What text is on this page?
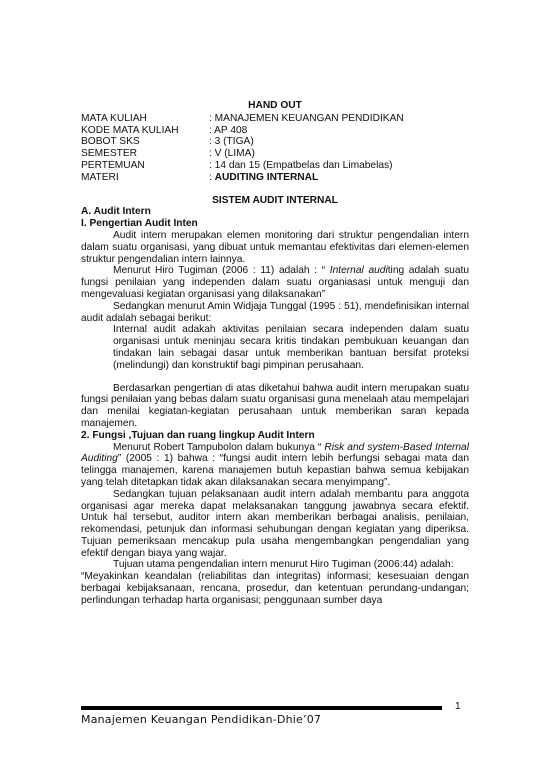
HAND OUT
MATA KULIAH	: MANAJEMEN KEUANGAN PENDIDIKAN
KODE MATA KULIAH	: AP 408
BOBOT SKS	: 3 (TIGA)
SEMESTER	: V (LIMA)
PERTEMUAN	: 14 dan 15 (Empatbelas dan Limabelas)
MATERI	: AUDITING INTERNAL
SISTEM AUDIT INTERNAL
A. Audit Intern
I. Pengertian Audit Inten

Audit intern merupakan elemen monitoring dari struktur pengendalian intern dalam suatu organisasi, yang dibuat untuk memantau efektivitas dari elemen-elemen struktur pengendalian intern lainnya.

Menurut Hiro Tugiman (2006 : 11) adalah : “ Internal auditing adalah suatu fungsi penilaian yang independen dalam suatu organiasasi untuk menguji dan mengevaluasi kegiatan organisasi yang dilaksanakan”

Sedangkan menurut Amin Widjaja Tunggal (1995 : 51), mendefinisikan internal audit adalah sebagai berikut:

Internal audit adakah aktivitas penilaian secara independen dalam suatu organisasi untuk meninjau secara kritis tindakan pembukuan keuangan dan tindakan lain sebagai dasar untuk memberikan bantuan bersifat proteksi (melindungi) dan konstruktif bagi pimpinan perusahaan.

Berdasarkan pengertian di atas diketahui bahwa audit intern merupakan suatu fungsi penilaian yang bebas dalam suatu organisasi guna menelaah atau mempelajari dan menilai kegiatan-kegiatan perusahaan untuk memberikan saran kepada manajemen.

2. Fungsi ,Tujuan dan ruang lingkup Audit Intern

Menurut Robert Tampubolon dalam bukunya “ Risk and system-Based Internal Auditing” (2005 : 1) bahwa : “fungsi audit intern lebih berfungsi sebagai mata dan telingga manajemen, karena manajemen butuh kepastian bahwa semua kebijakan yang telah ditetapkan tidak akan dilaksanakan secara menyimpang”.

Sedangkan tujuan pelaksanaan audit intern adalah membantu para anggota organisasi agar mereka dapat melaksanakan tanggung jawabnya secara efektif. Untuk hal tersebut, auditor intern akan memberikan berbagai analisis, penilaian, rekomendasi, petunjuk dan informasi sehubungan dengan kegiatan yang diperiksa. Tujuan pemeriksaan mencakup pula usaha mengembangkan pengendalian yang efektif dengan biaya yang wajar.

Tujuan utama pengendalian intern menurut Hiro Tugiman (2006:44) adalah:

“Meyakinkan keandalan (reliabilitas dan integritas) informasi; kesesuaian dengan berbagai kebijaksanaan, rencana, prosedur, dan ketentuan perundang-undangan; perlindungan terhadap harta organisasi; penggunaan sumber daya

1
Manajemen Keuangan Pendidikan-Dhie’07
